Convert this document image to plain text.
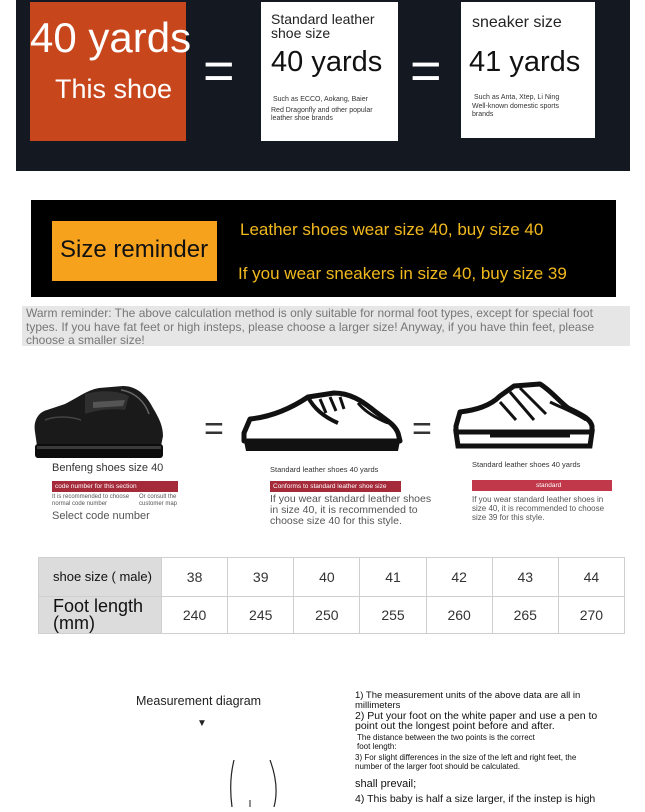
40 yards
This shoe =	=
Standard leather shoe size
40 yards
Such as ECCO, Aokang, Baier
Red Dragonfly and other popular leather shoe brands
sneaker size
41 yards
Such as Anta, Xtep, Li Ning
Well-known domestic sports brands
Size reminder
Leather shoes wear size 40, buy size 40
If you wear sneakers in size 40, buy size 39
Warm reminder: The above calculation method is only suitable for normal foot types, except for special foot types. If you have fat feet or high insteps, please choose a larger size! Anyway, if you have thin feet, please choose a smaller size!
=	=
Benfeng shoes size 40
code number for this section
It is recommended to choose normal code number
Or consult the customer map
Select code number
Standard leather shoes 40 yards
Conforms to standard leather shoe size
If you wear standard leather shoes in size 40, it is recommended to choose size 40 for this style.
Standard leather shoes 40 yards
standard
If you wear standard leather shoes in size 40, it is recommended to choose size 39 for this style.
shoe size ( male)	38	39	40	41	42	43	44
Foot length (mm)	240	245	250	255	260	265	270
Measurement diagram
▼
1) The measurement units of the above data are all in millimeters
2) Put your foot on the white paper and use a pen to point out the longest point before and after.
The distance between the two points is the correct foot length:
3) For slight differences in the size of the left and right feet, the number of the larger foot should be calculated.
shall prevail;
4) This baby is half a size larger, if the instep is high
